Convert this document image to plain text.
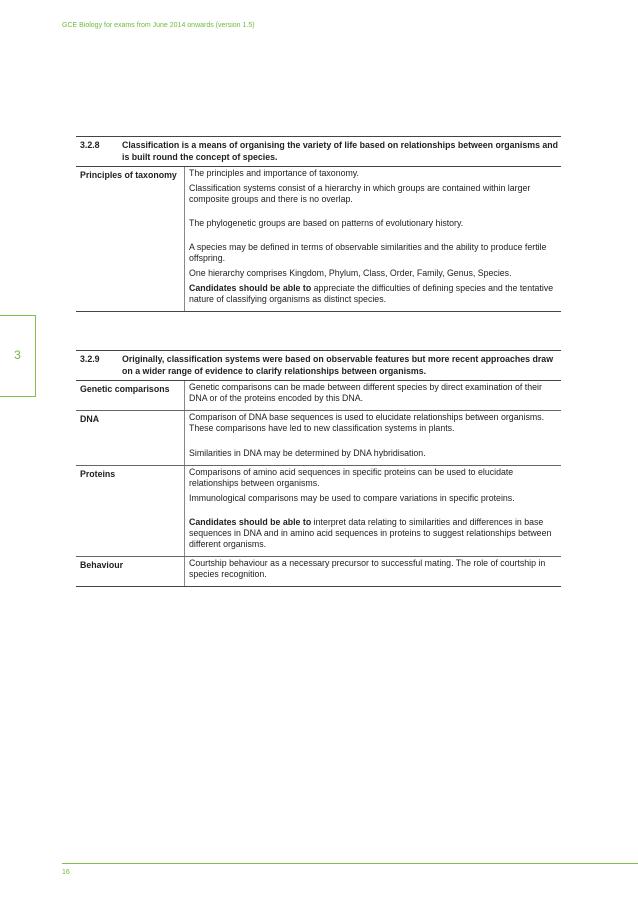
GCE Biology for exams from June 2014 onwards (version 1.5)
3
3.2.8	Classification is a means of organising the variety of life based on relationships between organisms and is built round the concept of species.
Principles of taxonomy	The principles and importance of taxonomy.

Classification systems consist of a hierarchy in which groups are contained within larger composite groups and there is no overlap.

The phylogenetic groups are based on patterns of evolutionary history.

A species may be defined in terms of observable similarities and the ability to produce fertile offspring.

One hierarchy comprises Kingdom, Phylum, Class, Order, Family, Genus, Species.

Candidates should be able to appreciate the difficulties of defining species and the tentative nature of classifying organisms as distinct species.

3.2.9	Originally, classification systems were based on observable features but more recent approaches draw on a wider range of evidence to clarify relationships between organisms.
Genetic comparisons	Genetic comparisons can be made between different species by direct examination of their DNA or of the proteins encoded by this DNA.

DNA	Comparison of DNA base sequences is used to elucidate relationships between organisms. These comparisons have led to new classification systems in plants.

Similarities in DNA may be determined by DNA hybridisation.

Proteins	Comparisons of amino acid sequences in specific proteins can be used to elucidate relationships between organisms.

Immunological comparisons may be used to compare variations in specific proteins.

Candidates should be able to interpret data relating to similarities and differences in base sequences in DNA and in amino acid sequences in proteins to suggest relationships between different organisms.

Behaviour	Courtship behaviour as a necessary precursor to successful mating. The role of courtship in species recognition.

16
